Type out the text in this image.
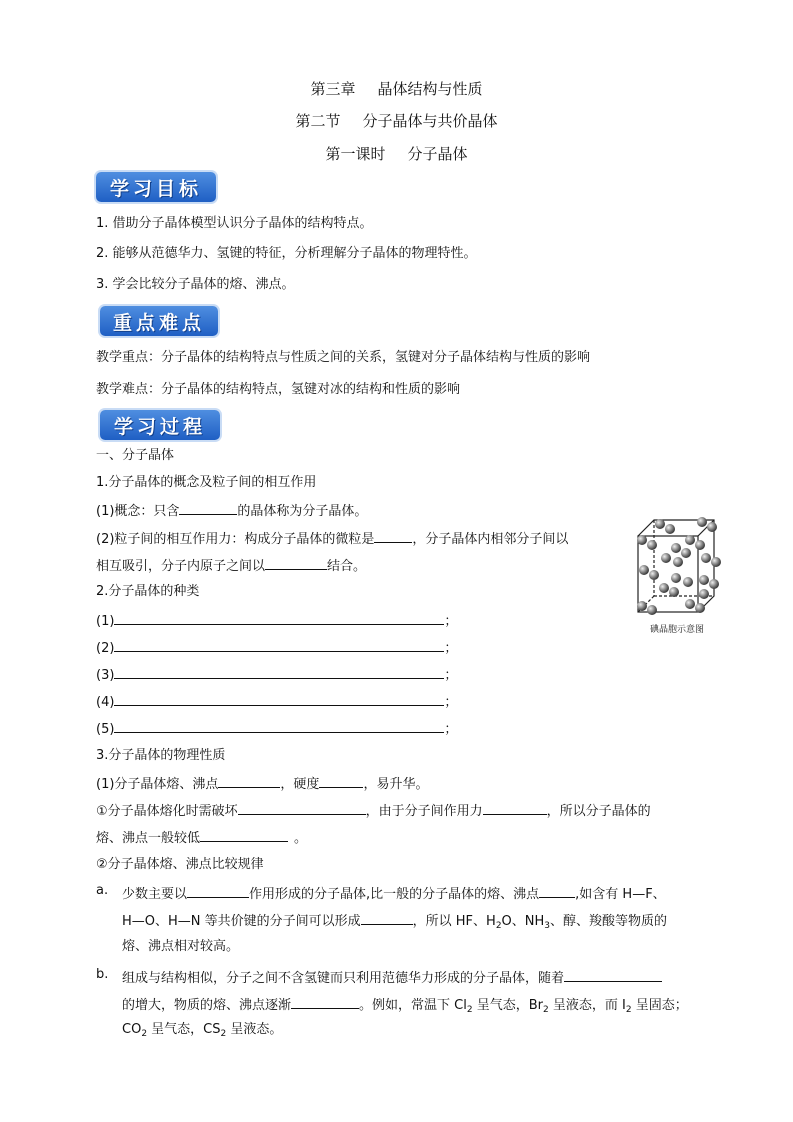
第三章 晶体结构与性质
第二节 分子晶体与共价晶体
第一课时 分子晶体
学习目标
1. 借助分子晶体模型认识分子晶体的结构特点。
2. 能够从范德华力、氢键的特征，分析理解分子晶体的物理特性。
3. 学会比较分子晶体的熔、沸点。
重点难点
教学重点：分子晶体的结构特点与性质之间的关系，氢键对分子晶体结构与性质的影响
教学难点：分子晶体的结构特点，氢键对冰的结构和性质的影响
学习过程
一、分子晶体
1.分子晶体的概念及粒子间的相互作用
(1)概念：只含	的晶体称为分子晶体。
(2)粒子间的相互作用力：构成分子晶体的微粒是	，分子晶体内相邻分子间以
相互吸引，分子内原子之间以	结合。
2.分子晶体的种类
(1)	；
(2)	；
(3)	；
(4)	；
(5)	；
碘晶胞示意图
3.分子晶体的物理性质
(1)分子晶体熔、沸点	，硬度	，易升华。
①分子晶体熔化时需破坏	，由于分子间作用力	，所以分子晶体的
熔、沸点一般较低	。
②分子晶体熔、沸点比较规律
a. 少数主要以	作用形成的分子晶体,比一般的分子晶体的熔、沸点	,如含有 H—F、
H—O、H—N 等共价键的分子间可以形成	，所以 HF、$H_2O$、$NH_3$、醇、羧酸等物质的
熔、沸点相对较高。
b. 组成与结构相似，分子之间不含氢键而只利用范德华力形成的分子晶体，随着
的增大，物质的熔、沸点逐渐	。例如，常温下 $Cl_2$ 呈气态，$Br_2$ 呈液态，而 $I_2$ 呈固态；
$CO_2$ 呈气态，$CS_2$ 呈液态。
